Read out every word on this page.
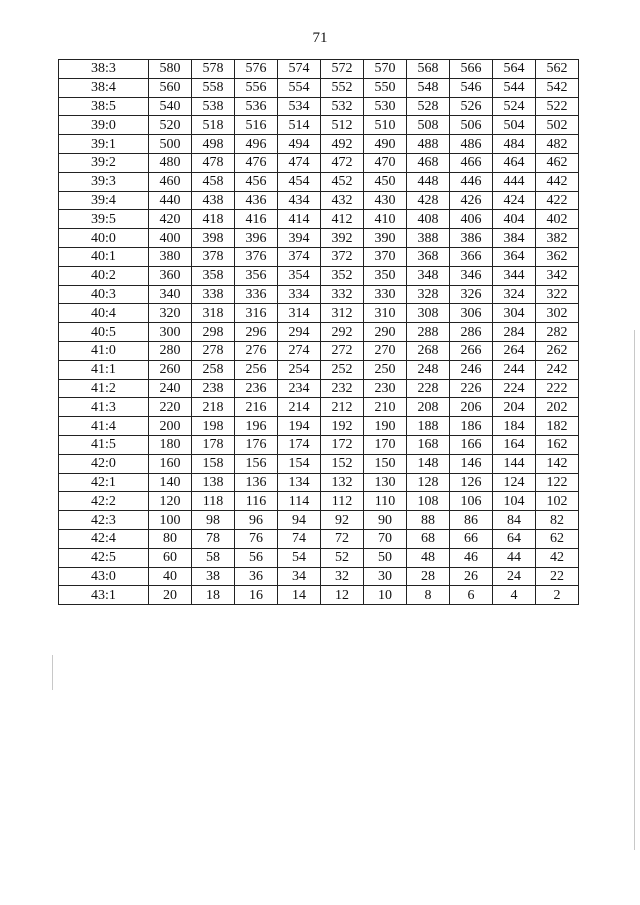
71
38:3	580	578	576	574	572	570	568	566	564	562
38:4	560	558	556	554	552	550	548	546	544	542
38:5	540	538	536	534	532	530	528	526	524	522
39:0	520	518	516	514	512	510	508	506	504	502
39:1	500	498	496	494	492	490	488	486	484	482
39:2	480	478	476	474	472	470	468	466	464	462
39:3	460	458	456	454	452	450	448	446	444	442
39:4	440	438	436	434	432	430	428	426	424	422
39:5	420	418	416	414	412	410	408	406	404	402
40:0	400	398	396	394	392	390	388	386	384	382
40:1	380	378	376	374	372	370	368	366	364	362
40:2	360	358	356	354	352	350	348	346	344	342
40:3	340	338	336	334	332	330	328	326	324	322
40:4	320	318	316	314	312	310	308	306	304	302
40:5	300	298	296	294	292	290	288	286	284	282
41:0	280	278	276	274	272	270	268	266	264	262
41:1	260	258	256	254	252	250	248	246	244	242
41:2	240	238	236	234	232	230	228	226	224	222
41:3	220	218	216	214	212	210	208	206	204	202
41:4	200	198	196	194	192	190	188	186	184	182
41:5	180	178	176	174	172	170	168	166	164	162
42:0	160	158	156	154	152	150	148	146	144	142
42:1	140	138	136	134	132	130	128	126	124	122
42:2	120	118	116	114	112	110	108	106	104	102
42:3	100	98	96	94	92	90	88	86	84	82
42:4	80	78	76	74	72	70	68	66	64	62
42:5	60	58	56	54	52	50	48	46	44	42
43:0	40	38	36	34	32	30	28	26	24	22
43:1	20	18	16	14	12	10	8	6	4	2
